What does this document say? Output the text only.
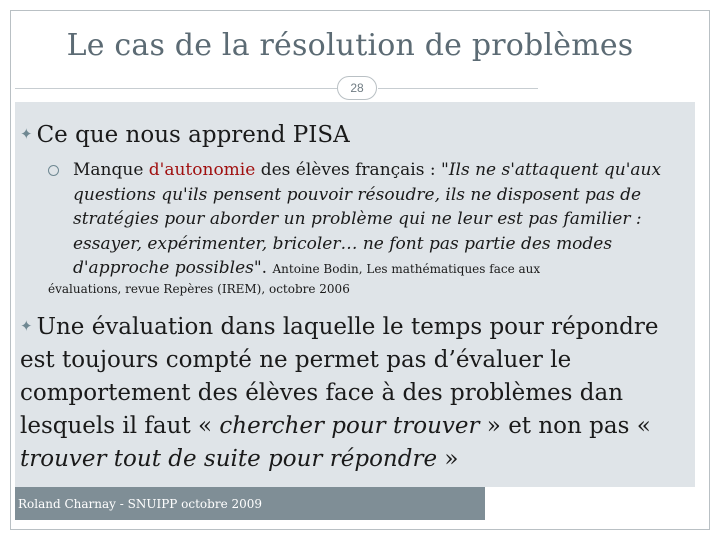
Le cas de la résolution de problèmes
28
✦ Ce que nous apprend PISA
Manque d'autonomie des élèves français : "Ils ne s'attaquent qu'aux questions qu'ils pensent pouvoir résoudre, ils ne disposent pas de stratégies pour aborder un problème qui ne leur est pas familier : essayer, expérimenter, bricoler… ne font pas partie des modes d'approche possibles". Antoine Bodin, Les mathématiques face aux
évaluations, revue Repères (IREM), octobre 2006
✦ Une évaluation dans laquelle le temps pour répondre est toujours compté ne permet pas d’évaluer le comportement des élèves face à des problèmes dan lesquels il faut « chercher pour trouver » et non pas « trouver tout de suite pour répondre »
Roland Charnay - SNUIPP octobre 2009
